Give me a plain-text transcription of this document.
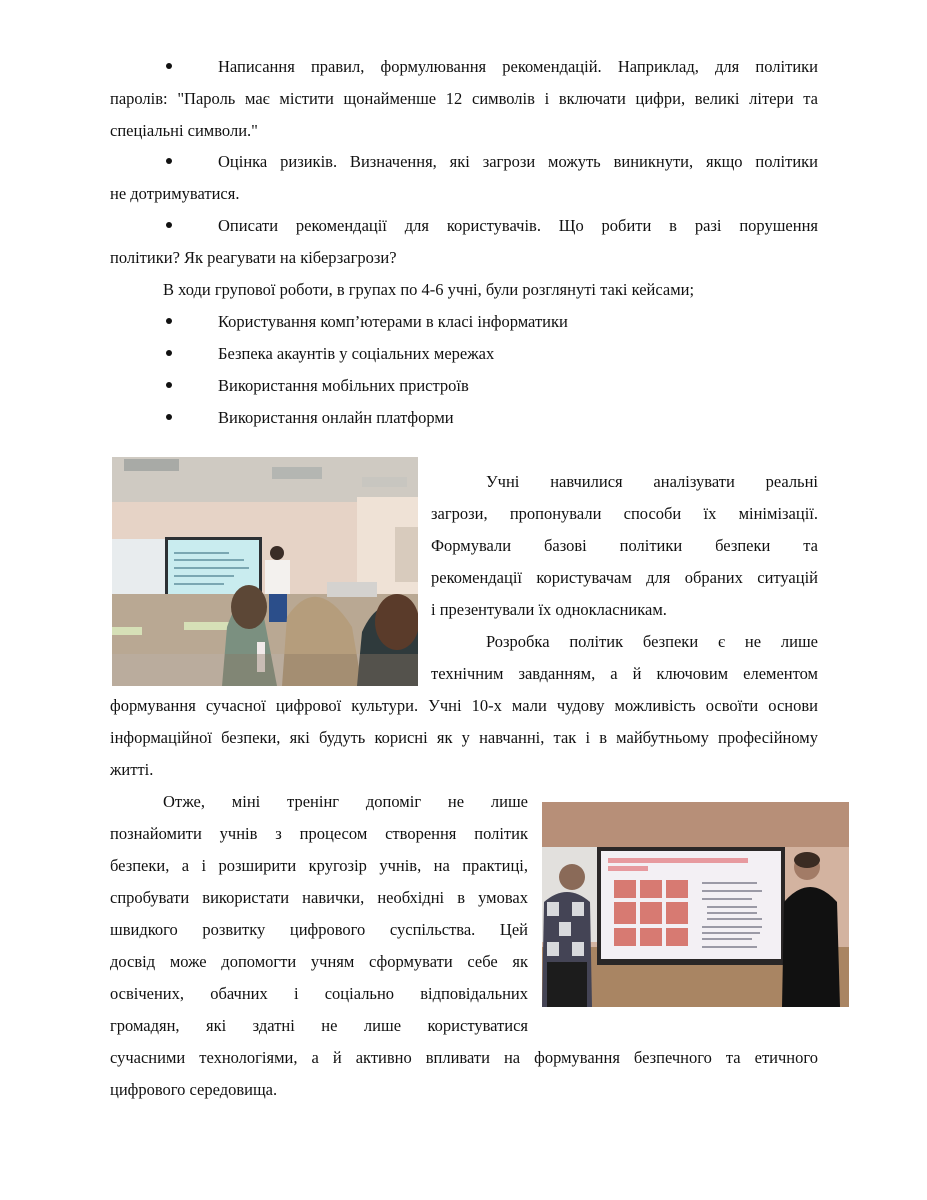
Написання правил, формулювання рекомендацій. Наприклад, для політики
паролів: "Пароль має містити щонайменше 12 символів і включати цифри, великі літери та
спеціальні символи."
Оцінка ризиків. Визначення, які загрози можуть виникнути, якщо політики
не дотримуватися.
Описати рекомендації для користувачів. Що робити в разі порушення
політики? Як реагувати на кіберзагрози?
В ходи групової роботи, в групах по 4-6 учні, були розглянуті такі кейсами;
Користування комп’ютерами в класі інформатики
Безпека акаунтів у соціальних мережах
Використання мобільних пристроїв
Використання онлайн платформи
Учні навчилися аналізувати реальні
загрози, пропонували способи їх мінімізації.
Формували базові політики безпеки та
рекомендації користувачам для обраних ситуацій
і презентували їх однокласникам.
Розробка політик безпеки є не лише
технічним завданням, а й ключовим елементом
формування сучасної цифрової культури. Учні 10-х мали чудову можливість освоїти основи
інформаційної безпеки, які будуть корисні як у навчанні, так і в майбутньому професійному
житті.
Отже, міні тренінг допоміг не лише
познайомити учнів з процесом створення політик
безпеки, а і розширити кругозір учнів, на практиці,
спробувати використати навички, необхідні в умовах
швидкого розвитку цифрового суспільства. Цей
досвід може допомогти учням сформувати себе як
освічених, обачних і соціально відповідальних
громадян, які здатні не лише користуватися
сучасними технологіями, а й активно впливати на формування безпечного та етичного
цифрового середовища.
